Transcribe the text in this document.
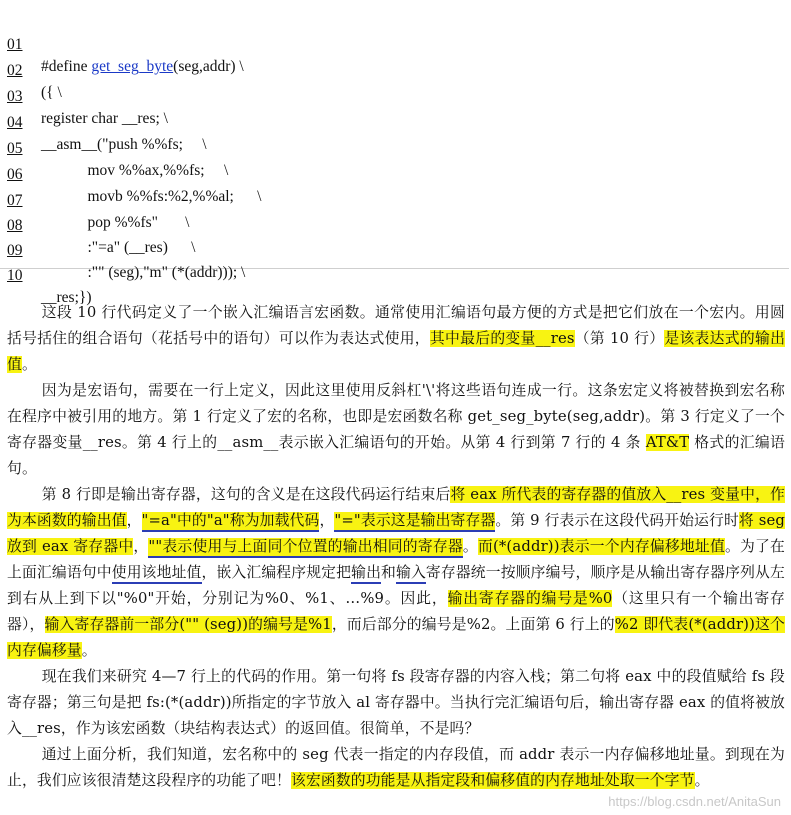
01

#define get_seg_byte(seg,addr) \

02

({ \

03

register char __res; \

04

__asm__("push %%fs;     \

05

mov %%ax,%%fs;     \

06

movb %%fs:%2,%%al;      \

07

pop %%fs"       \

08

:"=a" (__res)      \

09

:"" (seg),"m" (*(addr))); \

10

__res;})

这段 10 行代码定义了一个嵌入汇编语言宏函数。通常使用汇编语句最方便的方式是把它们放在一个宏内。用圆括号括住的组合语句（花括号中的语句）可以作为表达式使用，其中最后的变量__res（第 10 行）是该表达式的输出值。

因为是宏语句，需要在一行上定义，因此这里使用反斜杠'\'将这些语句连成一行。这条宏定义将被替换到宏名称在程序中被引用的地方。第 1 行定义了宏的名称，也即是宏函数名称 get_seg_byte(seg,addr)。第 3 行定义了一个寄存器变量__res。第 4 行上的__asm__表示嵌入汇编语句的开始。从第 4 行到第 7 行的 4 条 AT&T 格式的汇编语句。

第 8 行即是输出寄存器，这句的含义是在这段代码运行结束后将 eax 所代表的寄存器的值放入__res 变量中，作为本函数的输出值，"=a"中的"a"称为加载代码，"="表示这是输出寄存器。第 9 行表示在这段代码开始运行时将 seg 放到 eax 寄存器中，""表示使用与上面同个位置的输出相同的寄存器。而(*(addr))表示一个内存偏移地址值。为了在上面汇编语句中使用该地址值，嵌入汇编程序规定把输出和输入寄存器统一按顺序编号，顺序是从输出寄存器序列从左到右从上到下以"%0"开始，分别记为%0、%1、…%9。因此，输出寄存器的编号是%0（这里只有一个输出寄存器），输入寄存器前一部分("" (seg))的编号是%1，而后部分的编号是%2。上面第 6 行上的%2 即代表(*(addr))这个内存偏移量。

现在我们来研究 4—7 行上的代码的作用。第一句将 fs 段寄存器的内容入栈；第二句将 eax 中的段值赋给 fs 段寄存器；第三句是把 fs:(*(addr))所指定的字节放入 al 寄存器中。当执行完汇编语句后，输出寄存器 eax 的值将被放入__res，作为该宏函数（块结构表达式）的返回值。很简单，不是吗？

通过上面分析，我们知道，宏名称中的 seg 代表一指定的内存段值，而 addr 表示一内存偏移地址量。到现在为止，我们应该很清楚这段程序的功能了吧！该宏函数的功能是从指定段和偏移值的内存地址处取一个字节。

https://blog.csdn.net/AnitaSun
